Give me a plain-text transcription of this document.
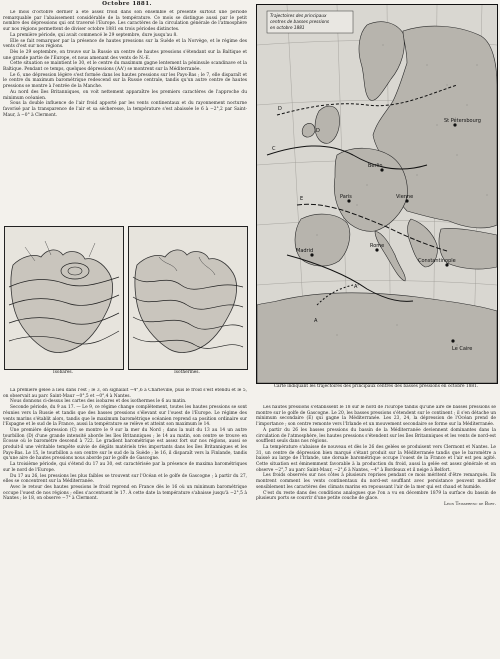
Octobre 1881.

Le mois d'octobre dernier a été assez froid dans son ensemble et présente surtout une période remarquable par l'abaissement considérable de la température. Ce mois se distingue aussi par le petit nombre des dépressions qui ont traversé l'Europe. Les caractères de la circulation générale de l'atmosphère sur nos régions permettent de diviser octobre 1881 en trois périodes distinctes.

La première période, qui avait commencé le 29 septembre, dure jusqu'au 8.

Elle se fait remarquer par la présence de hautes pressions sur la Suède et la Norvège, et le régime des vents d'est sur nos régions.

Dès le 29 septembre, on trouve sur la Russie un centre de hautes pressions s'étendant sur la Baltique et une grande partie de l'Europe, et nous amenant des vents de N.-E.

Cette situation se maintient le 30, et le centre du maximum gagne lentement la péninsule scandinave et la Baltique. Pendant ce temps, quelques dépressions (AA') se montrent sur la Méditerranée.

Le 6, une dépression légère s'est formée dans les hautes pressions sur les Pays-Bas ; le 7, elle disparaît et le centre du maximum barométrique redescend sur la Russie centrale, tandis qu'un autre centre de hautes pressions se montre à l'entrée de la Manche.

Au nord des îles Britanniques, on voit nettement apparaître les premiers caractères de l'approche du minimum océanien.

Sous la double influence de l'air froid apporté par les vents continentaux et du rayonnement nocturne favorisé par la transparence de l'air et sa sécheresse, la température s'est abaissée le 6 à −2°,2 par Saint-Maur, à −0° à Clermont.

Isobares.	Isothermes.

La première gelée a lieu dans l'est ; le 3, on signalait −4°,6 à Charleville, puis le froid s'est étendu et le 5, on observait au parc Saint-Maur −0°,5 et −0°,4 à Nantes.

Nous donnons ci-dessus les cartes des isobares et des isothermes le 6 au matin.

Seconde période, du 9 au 17. — Le 9, ce régime change complètement, toutes les hautes pressions se sont réunies vers la Russie et tandis que des basses pressions s'élevant sur l'ouest de l'Europe. Le régime des vents marins s'établit alors, tandis que le maximum barométrique océanien reprend sa position ordinaire sur l'Espagne et le sud de la France, aussi la température se relève et atteint son maximum le 14.

Une première dépression (C) se montre le 9 sur la mer du Nord ; dans la nuit du 13 au 14 un autre tourbillon (D) d'une grande intensité aborde les îles Britanniques ; le 14 au matin, son centre se trouve en Écosse où le baromètre descend à 722. Le gradient barométrique est assez fort sur nos régions, aussi se produit-il une véritable tempête suivie de dégâts matériels très importants dans les îles Britanniques et les Pays-Bas. Le 15, le tourbillon a son centre sur le sud de la Suède ; le 16, il disparaît vers la Finlande, tandis qu'une aire de hautes pressions nous aborde par le golfe de Gascogne.

La troisième période, qui s'étend du 17 au 30, est caractérisée par la présence de maxima barométriques sur le nord de l'Europe.

Du 17 au 26, les pressions les plus faibles se trouvent sur l'Océan et le golfe de Gascogne ; à partir du 27, elles se concentrent sur la Méditerranée.

Avec le retour des hautes pressions le froid reprend en France dès le 16 où un minimum barométrique occupe l'ouest de nos régions ; elles s'accentuent le 17. À cette date la température s'abaisse jusqu'à −2°,5 à Nantes ; le 18, on observe −7° à Clermont.

Carte indiquant les trajectoires des principaux centres des basses pressions en octobre 1881.

Les hautes pressions s'établissent le 18 sur le nord de l'Europe tandis qu'une aire de basses pressions se montre sur le golfe de Gascogne. Le 20, les basses pressions s'étendent sur le continent ; il s'en détache un minimum secondaire (E) qui gagne la Méditerranée. Les 23, 24, la dépression de l'Océan prend de l'importance ; son centre remonte vers l'Irlande et un mouvement secondaire se forme sur la Méditerranée.

À partir du 26 les basses pressions du bassin de la Méditerranée deviennent dominantes dans la circulation de l'atmosphère, les hautes pressions s'étendent sur les îles Britanniques et les vents de nord-est soufflent seuls dans nos régions.

La température s'abaisse de nouveau et dès le 26 des gelées se produisent vers Clermont et Nantes. Le 31, un centre de dépression bien marqué s'étant produit sur la Méditerranée tandis que le baromètre a baissé au large de l'Irlande, une dorsale barométrique occupe l'ouest de la France et l'air est peu agité. Cette situation est éminemment favorable à la production du froid, aussi la gelée est assez générale et on observe −2°,7 au parc Saint-Maur, −2°,6 à Nantes, −4° à Bordeaux et il neige à Belfort.

Les froids observés sur nos côtes à plusieurs reprises pendant ce mois méritent d'être remarqués. Ils montrent comment les vents continentaux du nord-est soufflant avec persistance peuvent modifier sensiblement les caractères des climats marins en repoussant l'air de la mer qui est chaud et humide.

C'est du reste dans des conditions analogues que l'on a vu en décembre 1879 la surface du bassin de plusieurs ports se couvrir d'une petite couche de glace.

Léon Teisserenc de Bort.

Trajectoires des principaux
centres de basses pressions
en octobre 1881
St Pétersbourg
Berlin
Paris	Vienne
Madrid
Rome
Constantinople
Le Caire
A
A'
C
D
E
D
